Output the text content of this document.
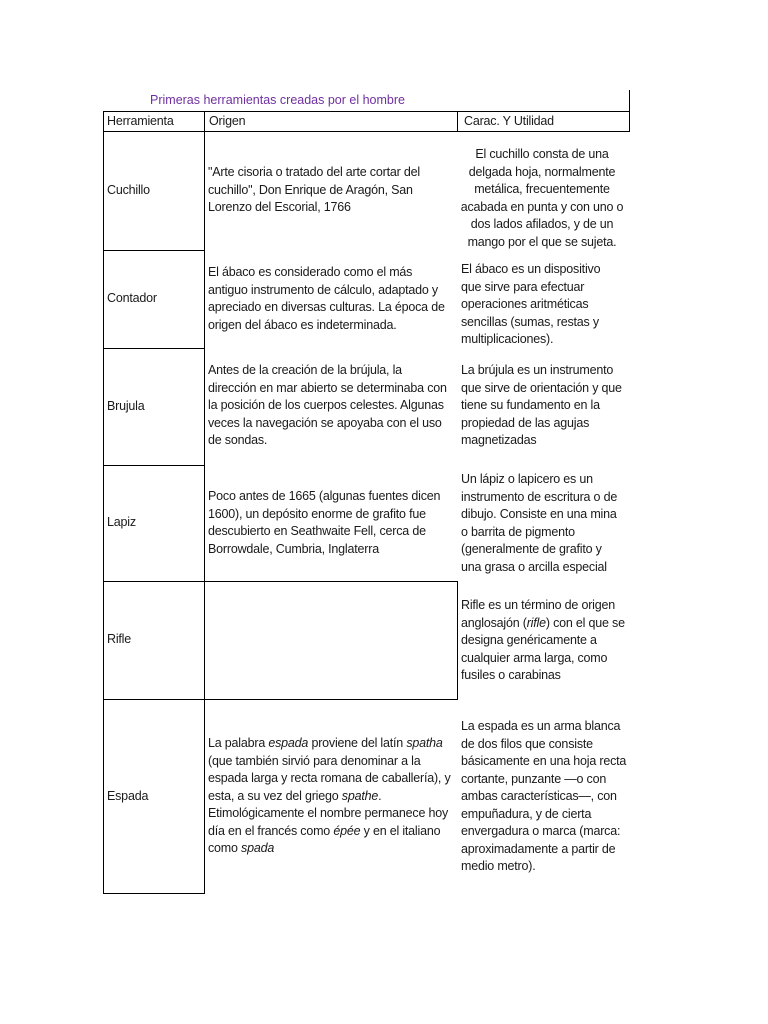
Primeras herramientas creadas por el hombre
Herramienta	Origen	Carac. Y Utilidad
Cuchillo
"Arte cisoria o tratado del arte cortar del cuchillo", Don Enrique de Aragón, San Lorenzo del Escorial, 1766
El cuchillo consta de una delgada hoja, normalmente metálica, frecuentemente acabada en punta y con uno o dos lados afilados, y de un mango por el que se sujeta.
Contador
El ábaco es considerado como el más antiguo instrumento de cálculo, adaptado y apreciado en diversas culturas. La época de origen del ábaco es indeterminada.
El ábaco es un dispositivo que sirve para efectuar operaciones aritméticas sencillas (sumas, restas y multiplicaciones).
Brujula
Antes de la creación de la brújula, la dirección en mar abierto se determinaba con la posición de los cuerpos celestes. Algunas veces la navegación se apoyaba con el uso de sondas.
La brújula es un instrumento que sirve de orientación y que tiene su fundamento en la propiedad de las agujas magnetizadas
Lapiz
Poco antes de 1665 (algunas fuentes dicen 1600), un depósito enorme de grafito fue descubierto en Seathwaite Fell, cerca de Borrowdale, Cumbria, Inglaterra
Un lápiz o lapicero es un instrumento de escritura o de dibujo. Consiste en una mina o barrita de pigmento (generalmente de grafito y una grasa o arcilla especial
Rifle
Rifle es un término de origen anglosajón (rifle) con el que se designa genéricamente a cualquier arma larga, como fusiles o carabinas
Espada
La palabra espada proviene del latín spatha (que también sirvió para denominar a la espada larga y recta romana de caballería), y esta, a su vez del griego spathe. Etimológicamente el nombre permanece hoy día en el francés como épée y en el italiano como spada
La espada es un arma blanca de dos filos que consiste básicamente en una hoja recta cortante, punzante —o con ambas características—, con empuñadura, y de cierta envergadura o marca (marca: aproximadamente a partir de medio metro).
